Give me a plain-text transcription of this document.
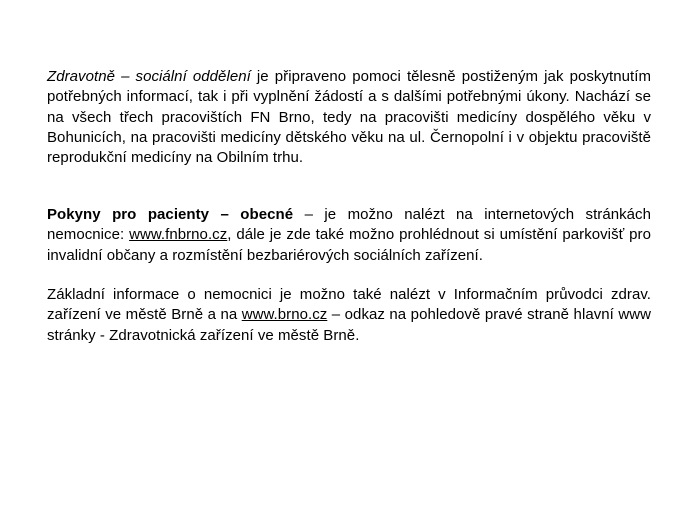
Zdravotně – sociální oddělení je připraveno pomoci tělesně postiženým jak poskytnutím potřebných informací, tak i při vyplnění žádostí a s dalšími potřebnými úkony. Nachází se na všech třech pracovištích FN Brno, tedy na pracovišti medicíny dospělého věku v Bohunicích, na pracovišti medicíny dětského věku na ul. Černopolní i v objektu pracoviště reprodukční medicíny na Obilním trhu.

Pokyny pro pacienty – obecné – je možno nalézt na internetových stránkách nemocnice: www.fnbrno.cz, dále je zde také možno prohlédnout si umístění parkovišť pro invalidní občany a rozmístění bezbariérových sociálních zařízení.

Základní informace o nemocnici je možno také nalézt v Informačním průvodci zdrav. zařízení ve městě Brně a na www.brno.cz – odkaz na pohledově pravé straně hlavní www stránky - Zdravotnická zařízení ve městě Brně.
